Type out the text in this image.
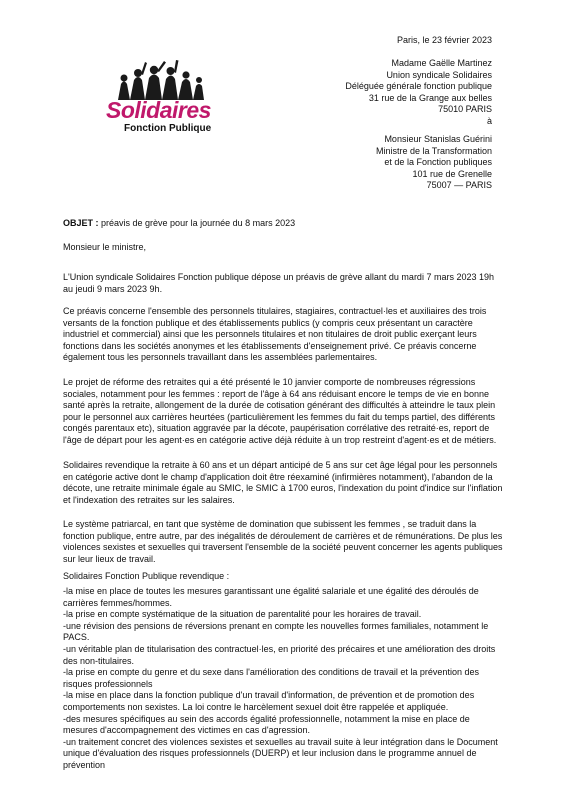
Paris, le 23 février 2023
Solidaires
Fonction Publique
Madame Gaëlle Martinez
Union syndicale Solidaires
Déléguée générale fonction publique
31 rue de la Grange aux belles
75010 PARIS
à
Monsieur Stanislas Guérini
Ministre de la Transformation
et de la Fonction publiques
101 rue de Grenelle
75007 — PARIS
OBJET : préavis de grève pour la journée du 8 mars 2023
Monsieur le ministre,

L'Union syndicale Solidaires Fonction publique dépose un préavis de grève allant du mardi 7 mars 2023 19h au jeudi 9 mars 2023 9h.

Ce préavis concerne l'ensemble des personnels titulaires, stagiaires, contractuel·les et auxiliaires des trois versants de la fonction publique et des établissements publics (y compris ceux présentant un caractère industriel et commercial) ainsi que les personnels titulaires et non titulaires de droit public exerçant leurs fonctions dans les sociétés anonymes et les établissements d'enseignement privé. Ce préavis concerne également tous les personnels travaillant dans les assemblées parlementaires.

Le projet de réforme des retraites qui a été présenté le 10 janvier comporte de nombreuses régressions sociales, notamment pour les femmes : report de l'âge à 64 ans réduisant encore le temps de vie en bonne santé après la retraite, allongement de la durée de cotisation générant des difficultés à atteindre le taux plein pour le personnel aux carrières heurtées (particulièrement les femmes du fait du temps partiel, des différents congés parentaux etc), situation aggravée par la décote, paupérisation corrélative des retraité·es, report de l'âge de départ pour les agent·es en catégorie active déjà réduite à un trop restreint d'agent·es et de métiers.

Solidaires revendique la retraite à 60 ans et un départ anticipé de 5 ans sur cet âge légal pour les personnels en catégorie active dont le champ d'application doit être réexaminé (infirmières notamment), l'abandon de la décote, une retraite minimale égale au SMIC, le SMIC à 1700 euros, l'indexation du point d'indice sur l'inflation et l'indexation des retraites sur les salaires.

Le système patriarcal, en tant que système de domination que subissent les femmes , se traduit dans la fonction publique, entre autre, par des inégalités de déroulement de carrières et de rémunérations. De plus les violences sexistes et sexuelles qui traversent l'ensemble de la société peuvent concerner les agents publiques sur leur lieux de travail.

Solidaires Fonction Publique revendique :

-la mise en place de toutes les mesures garantissant une égalité salariale et une égalité des déroulés de carrières femmes/hommes.

-la prise en compte systématique de la situation de parentalité pour les horaires de travail.

-une révision des pensions de réversions prenant en compte les nouvelles formes familiales, notamment le PACS.

-un véritable plan de titularisation des contractuel·les, en priorité des précaires et une amélioration des droits des non-titulaires.

-la prise en compte du genre et du sexe dans l'amélioration des conditions de travail et la prévention des risques professionnels

-la mise en place dans la fonction publique d'un travail d'information, de prévention et de promotion des comportements non sexistes. La loi contre le harcèlement sexuel doit être rappelée et appliquée.

-des mesures spécifiques au sein des accords égalité professionnelle, notamment la mise en place de mesures d'accompagnement des victimes en cas d'agression.

-un traitement concret des violences sexistes et sexuelles au travail suite à leur intégration dans le Document unique d'évaluation des risques professionnels (DUERP) et leur inclusion dans le programme annuel de prévention
